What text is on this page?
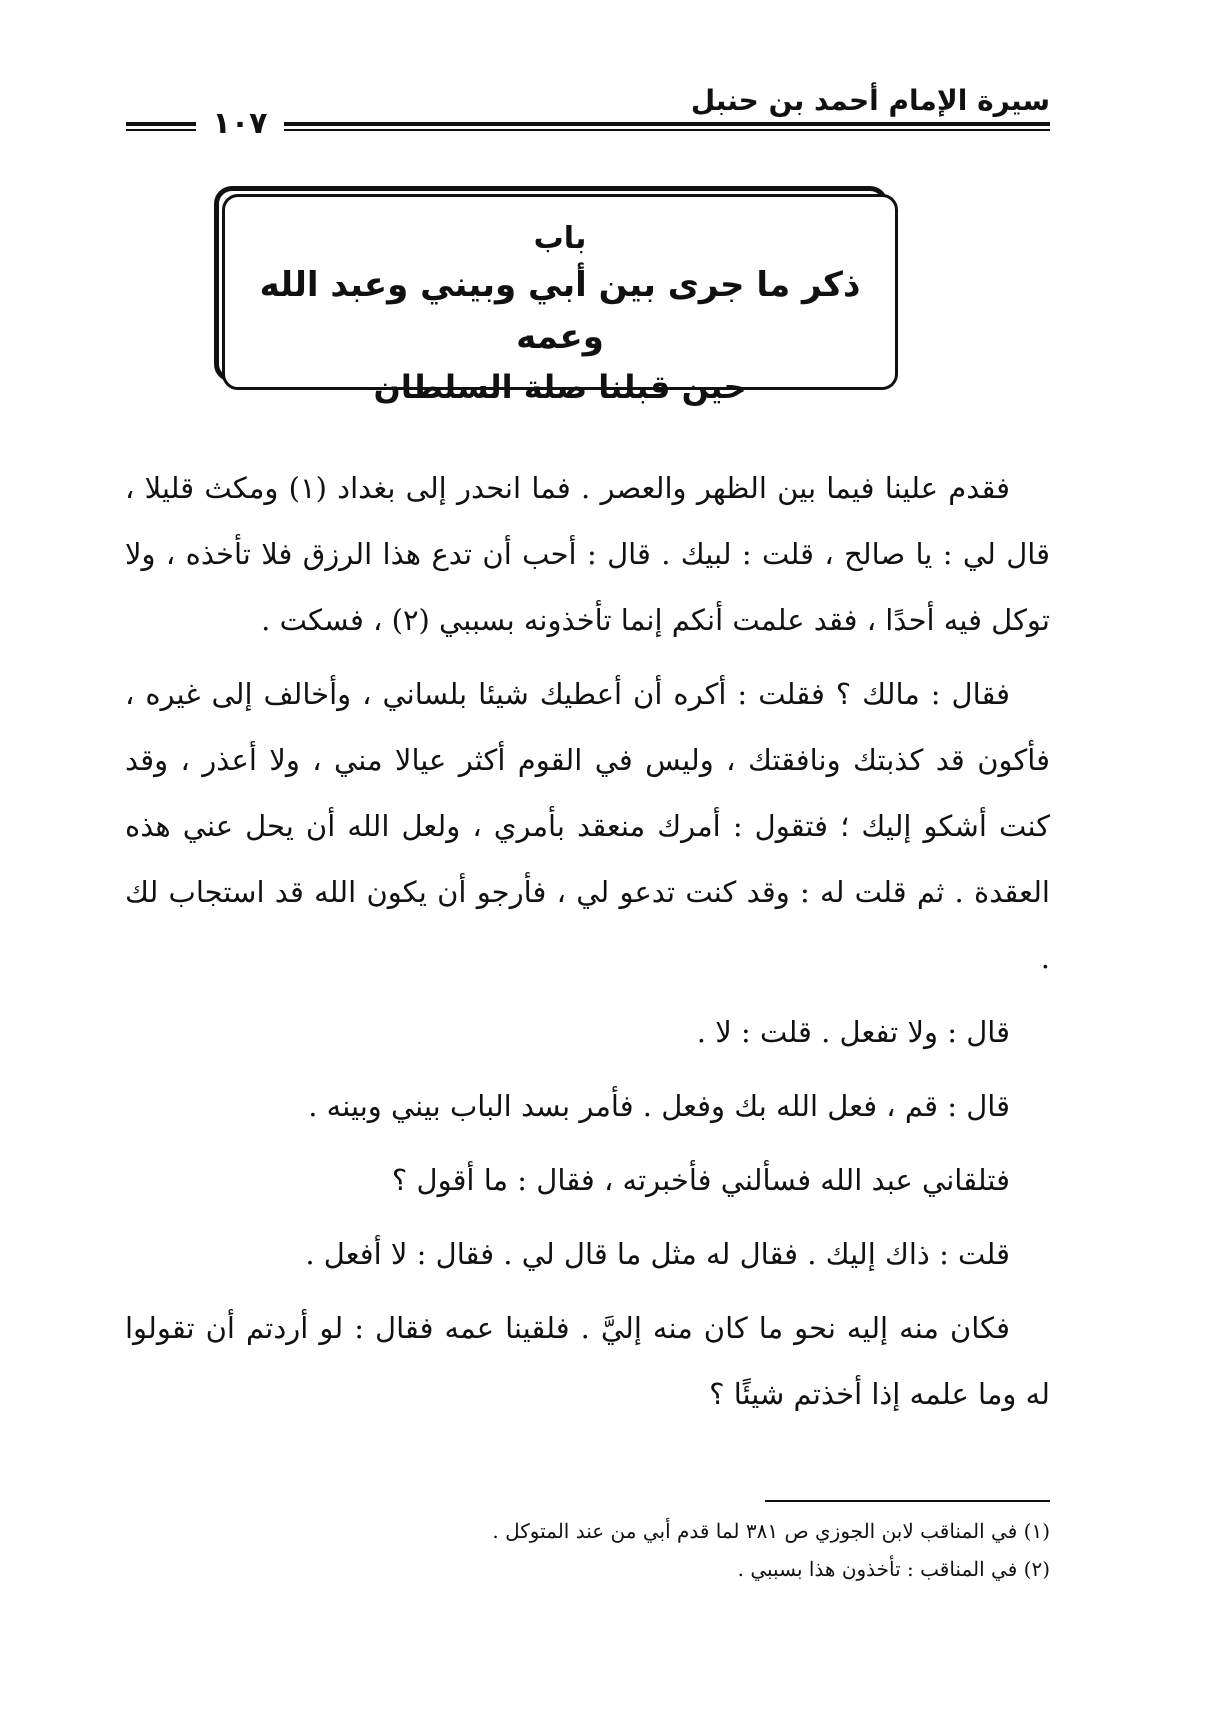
سيرة الإمام أحمد بن حنبل
١٠٧
باب
ذكر ما جرى بين أبي وبيني وعبد الله وعمه
حين قبلنا صلة السلطان

فقدم علينا فيما بين الظهر والعصر . فما انحدر إلى بغداد (١) ومكث قليلا ، قال لي : يا صالح ، قلت : لبيك . قال : أحب أن تدع هذا الرزق فلا تأخذه ، ولا توكل فيه أحدًا ، فقد علمت أنكم إنما تأخذونه بسببي (٢) ، فسكت .

فقال : مالك ؟ فقلت : أكره أن أعطيك شيئا بلساني ، وأخالف إلى غيره ، فأكون قد كذبتك ونافقتك ، وليس في القوم أكثر عيالا مني ، ولا أعذر ، وقد كنت أشكو إليك ؛ فتقول : أمرك منعقد بأمري ، ولعل الله أن يحل عني هذه العقدة . ثم قلت له : وقد كنت تدعو لي ، فأرجو أن يكون الله قد استجاب لك .

قال : ولا تفعل . قلت : لا .

قال : قم ، فعل الله بك وفعل . فأمر بسد الباب بيني وبينه .

فتلقاني عبد الله فسألني فأخبرته ، فقال : ما أقول ؟

قلت : ذاك إليك . فقال له مثل ما قال لي . فقال : لا أفعل .

فكان منه إليه نحو ما كان منه إليَّ . فلقينا عمه فقال : لو أردتم أن تقولوا له وما علمه إذا أخذتم شيئًا ؟

(١) في المناقب لابن الجوزي ص ٣٨١ لما قدم أبي من عند المتوكل .

(٢) في المناقب : تأخذون هذا بسببي .
